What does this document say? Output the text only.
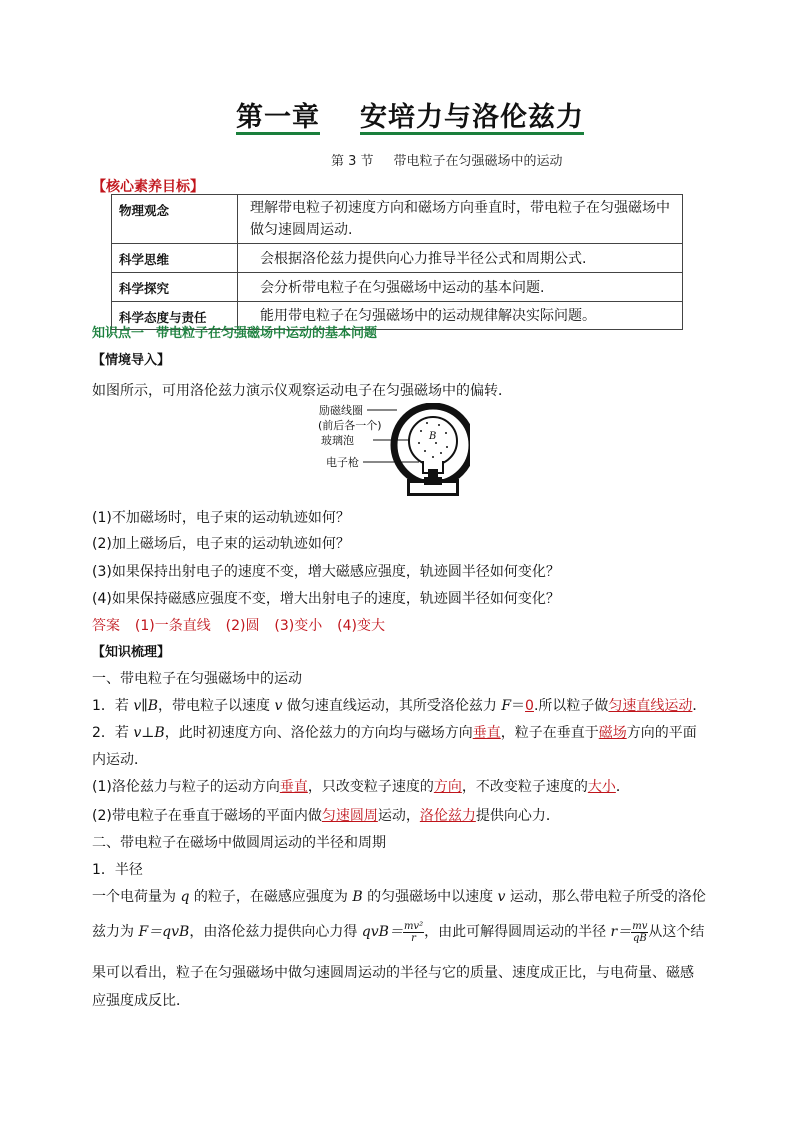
第一章 安培力与洛伦兹力
第 3 节 带电粒子在匀强磁场中的运动
【核心素养目标】
物理观念	理解带电粒子初速度方向和磁场方向垂直时，带电粒子在匀强磁场中做匀速圆周运动.
科学思维	会根据洛伦兹力提供向心力推导半径公式和周期公式.
科学探究	会分析带电粒子在匀强磁场中运动的基本问题.
科学态度与责任	能用带电粒子在匀强磁场中的运动规律解决实际问题。
知识点一 带电粒子在匀强磁场中运动的基本问题
【情境导入】
如图所示，可用洛伦兹力演示仪观察运动电子在匀强磁场中的偏转．
励磁线圈
(前后各一个)
玻璃泡
电子枪
B
(1)不加磁场时，电子束的运动轨迹如何？
(2)加上磁场后，电子束的运动轨迹如何？
(3)如果保持出射电子的速度不变，增大磁感应强度，轨迹圆半径如何变化？
(4)如果保持磁感应强度不变，增大出射电子的速度，轨迹圆半径如何变化？
答案 (1)一条直线 (2)圆 (3)变小 (4)变大
【知识梳理】
一、带电粒子在匀强磁场中的运动
1．若 v∥B，带电粒子以速度 v 做匀速直线运动，其所受洛伦兹力 F＝0.所以粒子做匀速直线运动．
2．若 v⊥B，此时初速度方向、洛伦兹力的方向均与磁场方向垂直，粒子在垂直于磁场方向的平面
内运动．
(1)洛伦兹力与粒子的运动方向垂直，只改变粒子速度的方向，不改变粒子速度的大小．
(2)带电粒子在垂直于磁场的平面内做匀速圆周运动，洛伦兹力提供向心力．
二、带电粒子在磁场中做圆周运动的半径和周期
1．半径
一个电荷量为 q 的粒子，在磁感应强度为 B 的匀强磁场中以速度 v 运动，那么带电粒子所受的洛伦
兹力为 F＝qvB，由洛伦兹力提供向心力得 $qvB= \frac{\text{mv²}}{r}$ ，由此可解得圆周运动的半径 $r= \frac{mv}{qB}$ 从这个结
果可以看出，粒子在匀强磁场中做匀速圆周运动的半径与它的质量、速度成正比，与电荷量、磁感
应强度成反比．
